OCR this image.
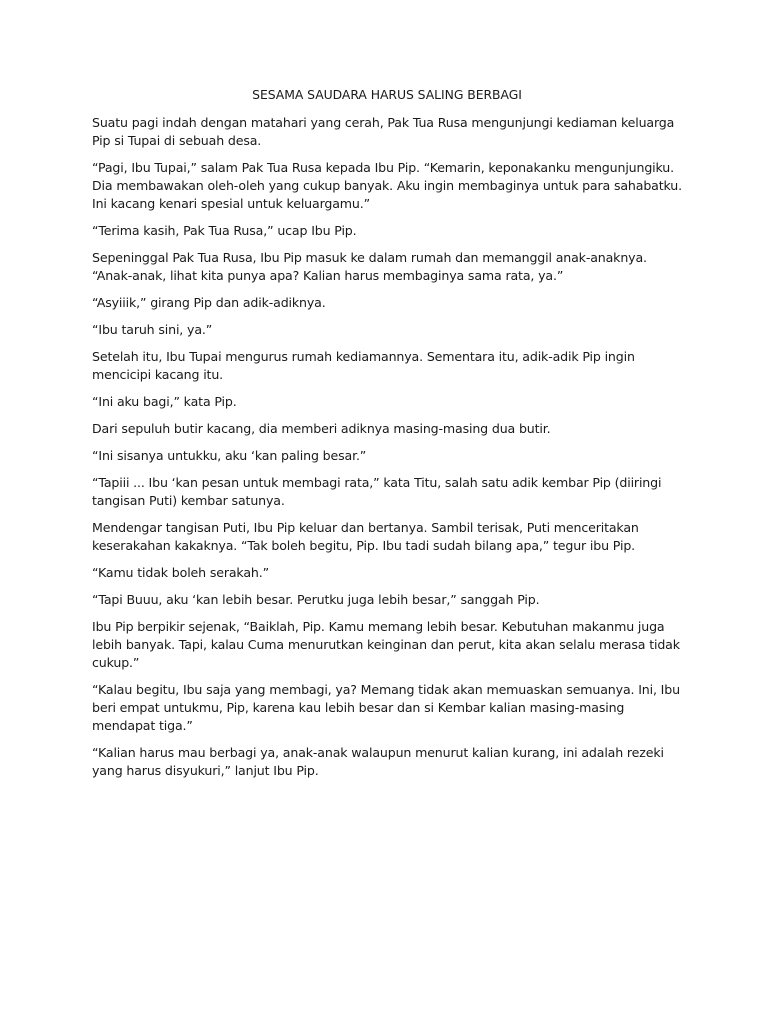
SESAMA SAUDARA HARUS SALING BERBAGI

Suatu pagi indah dengan matahari yang cerah, Pak Tua Rusa mengunjungi kediaman keluarga Pip si Tupai di sebuah desa.

“Pagi, Ibu Tupai,” salam Pak Tua Rusa kepada Ibu Pip. “Kemarin, keponakanku mengunjungiku. Dia membawakan oleh-oleh yang cukup banyak. Aku ingin membaginya untuk para sahabatku. Ini kacang kenari spesial untuk keluargamu.”

“Terima kasih, Pak Tua Rusa,” ucap Ibu Pip.

Sepeninggal Pak Tua Rusa, Ibu Pip masuk ke dalam rumah dan memanggil anak-anaknya. “Anak-anak, lihat kita punya apa? Kalian harus membaginya sama rata, ya.”

“Asyiiik,” girang Pip dan adik-adiknya.

“Ibu taruh sini, ya.”

Setelah itu, Ibu Tupai mengurus rumah kediamannya. Sementara itu, adik-adik Pip ingin mencicipi kacang itu.

“Ini aku bagi,” kata Pip.

Dari sepuluh butir kacang, dia memberi adiknya masing-masing dua butir.

“Ini sisanya untukku, aku ‘kan paling besar.”

“Tapiii ... Ibu ‘kan pesan untuk membagi rata,” kata Titu, salah satu adik kembar Pip (diiringi tangisan Puti) kembar satunya.

Mendengar tangisan Puti, Ibu Pip keluar dan bertanya. Sambil terisak, Puti menceritakan keserakahan kakaknya. “Tak boleh begitu, Pip. Ibu tadi sudah bilang apa,” tegur ibu Pip.

“Kamu tidak boleh serakah.”

“Tapi Buuu, aku ‘kan lebih besar. Perutku juga lebih besar,” sanggah Pip.

Ibu Pip berpikir sejenak, “Baiklah, Pip. Kamu memang lebih besar. Kebutuhan makanmu juga lebih banyak. Tapi, kalau Cuma menurutkan keinginan dan perut, kita akan selalu merasa tidak cukup.”

“Kalau begitu, Ibu saja yang membagi, ya? Memang tidak akan memuaskan semuanya. Ini, Ibu beri empat untukmu, Pip, karena kau lebih besar dan si Kembar kalian masing-masing mendapat tiga.”

“Kalian harus mau berbagi ya, anak-anak walaupun menurut kalian kurang, ini adalah rezeki yang harus disyukuri,” lanjut Ibu Pip.
